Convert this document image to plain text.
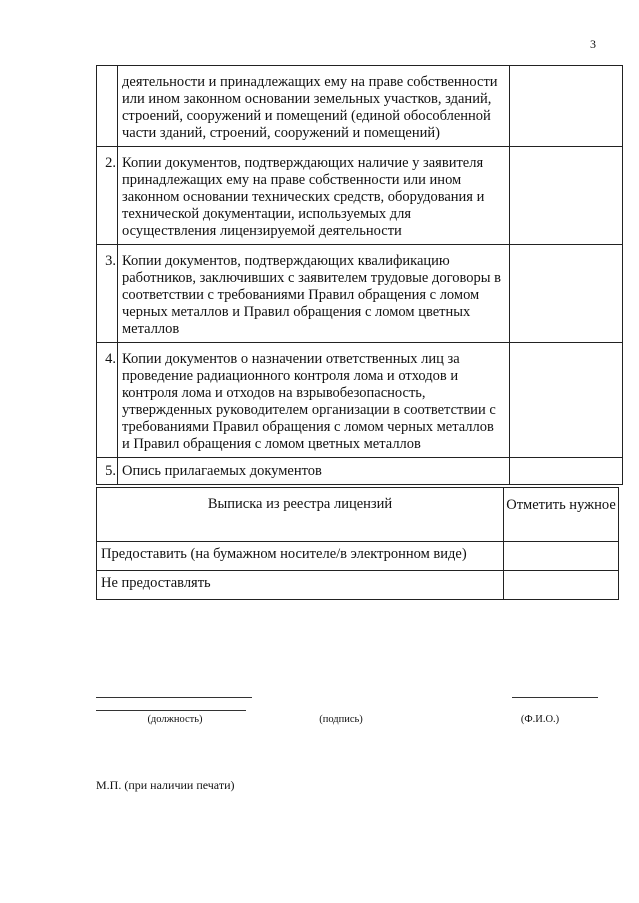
3
	деятельности и принадлежащих ему на праве собственности или ином законном основании земельных участков, зданий, строений, сооружений и помещений (единой обособленной части зданий, строений, сооружений и помещений)	
2.	Копии документов, подтверждающих наличие у заявителя принадлежащих ему на праве собственности или ином законном основании технических средств, оборудования и технической документации, используемых для осуществления лицензируемой деятельности	
3.	Копии документов, подтверждающих квалификацию работников, заключивших с заявителем трудовые договоры в соответствии с требованиями Правил обращения с ломом черных металлов и Правил обращения с ломом цветных металлов	
4.	Копии документов о назначении ответственных лиц за проведение радиационного контроля лома и отходов и контроля лома и отходов на взрывобезопасность, утвержденных руководителем организации в соответствии с требованиями Правил обращения с ломом черных металлов и Правил обращения с ломом цветных металлов	
5.	Опись прилагаемых документов	
Выписка из реестра лицензий	Отметить нужное
Предоставить (на бумажном носителе/в электронном виде)	
Не предоставлять	
(должность)	(подпись)	(Ф.И.О.)
М.П. (при наличии печати)
